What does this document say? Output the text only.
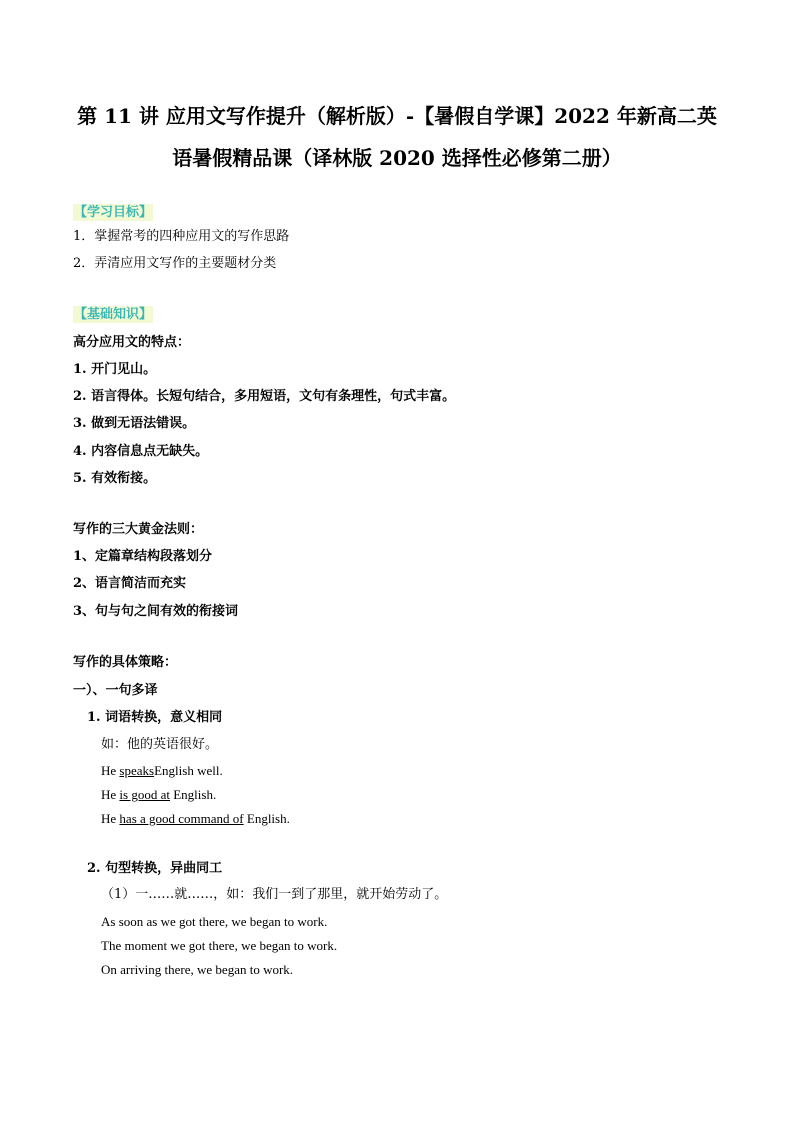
第 11 讲 应用文写作提升（解析版）-【暑假自学课】2022 年新高二英
语暑假精品课（译林版 2020 选择性必修第二册）
【学习目标】
1．掌握常考的四种应用文的写作思路
2．弄清应用文写作的主要题材分类
【基础知识】
高分应用文的特点：
1. 开门见山。
2. 语言得体。长短句结合，多用短语，文句有条理性，句式丰富。
3. 做到无语法错误。
4. 内容信息点无缺失。
5. 有效衔接。
写作的三大黄金法则：
1、定篇章结构段落划分
2、语言简洁而充实
3、句与句之间有效的衔接词
写作的具体策略：
一）、一句多译
1. 词语转换，意义相同
如：他的英语很好。
He speaksEnglish well.
He is good at English.
He has a good command of English.
2. 句型转换，异曲同工
（1）一……就……，如：我们一到了那里，就开始劳动了。
As soon as we got there, we began to work.
The moment we got there, we began to work.
On arriving there, we began to work.
